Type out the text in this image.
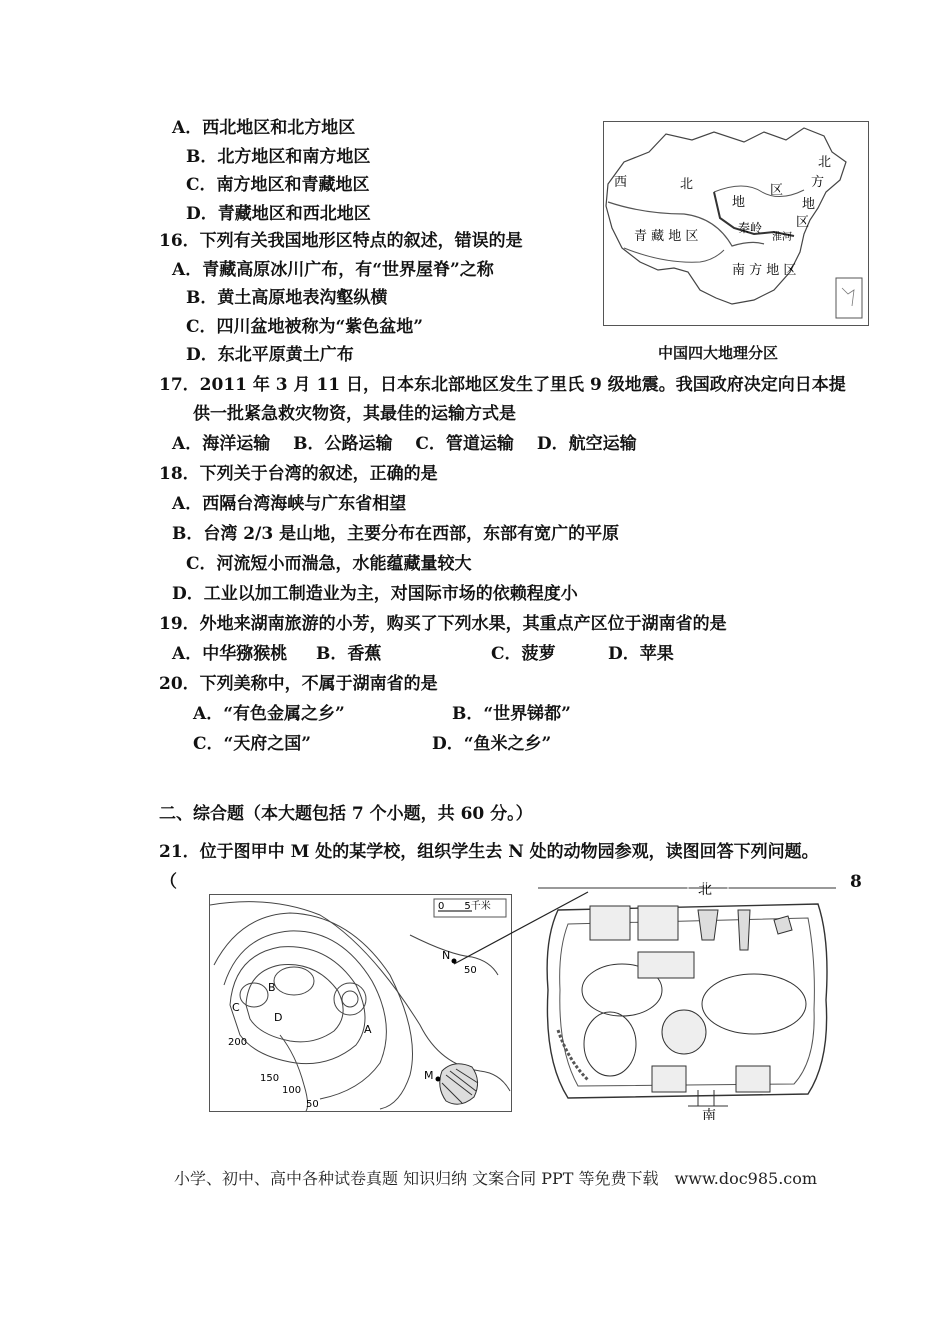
A．西北地区和北方地区
B．北方地区和南方地区
C．南方地区和青藏地区
D．青藏地区和西北地区
16．下列有关我国地形区特点的叙述，错误的是
A．青藏高原冰川广布，有“世界屋脊”之称
B．黄土高原地表沟壑纵横
C．四川盆地被称为“紫色盆地”
D．东北平原黄土广布
西	北	区
地
北
方
地
区
秦岭
淮河
青 藏 地 区
南 方 地 区
中国四大地理分区
17．2011 年 3 月 11 日，日本东北部地区发生了里氏 9 级地震。我国政府决定向日本提
供一批紧急救灾物资，其最佳的运输方式是
A．海洋运输　 B．公路运输　 C．管道运输　 D．航空运输
18．下列关于台湾的叙述，正确的是
A．西隔台湾海峡与广东省相望
B．台湾 2/3 是山地，主要分布在西部，东部有宽广的平原
C．河流短小而湍急，水能蕴藏量较大
D．工业以加工制造业为主，对国际市场的依赖程度小
19．外地来湖南旅游的小芳，购买了下列水果，其重点产区位于湖南省的是
A．中华猕猴桃 B．香蕉	C．菠萝	D．苹果
20．下列美称中，不属于湖南省的是
A．“有色金属之乡”	B．“世界锑都”
C．“天府之国”	D．“鱼米之乡”
二、综合题（本大题包括 7 个小题，共 60 分。）
21．位于图甲中 M 处的某学校，组织学生去 N 处的动物园参观，读图回答下列问题。
（	8
0　　5千米
C
B
A
D
N
M
200
150
100
50
50
北
南
小学、初中、高中各种试卷真题 知识归纳 文案合同 PPT 等免费下载　www.doc985.com
